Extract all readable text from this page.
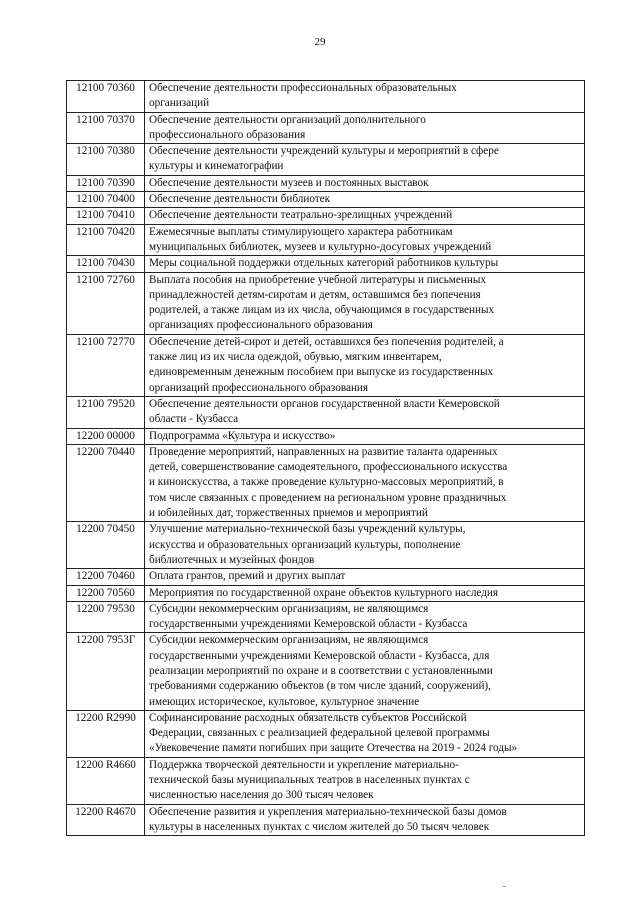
29
12100 70360	Обеспечение деятельности профессиональных образовательных
организаций
12100 70370	Обеспечение деятельности организаций дополнительного
профессионального образования
12100 70380	Обеспечение деятельности учреждений культуры и мероприятий в сфере
культуры и кинематографии
12100 70390	Обеспечение деятельности музеев и постоянных выставок
12100 70400	Обеспечение деятельности библиотек
12100 70410	Обеспечение деятельности театрально-зрелищных учреждений
12100 70420	Ежемесячные выплаты стимулирующего характера работникам
муниципальных библиотек, музеев и культурно-досуговых учреждений
12100 70430	Меры социальной поддержки отдельных категорий работников культуры
12100 72760	Выплата пособия на приобретение учебной литературы и письменных
принадлежностей детям-сиротам и детям, оставшимся без попечения
родителей, а также лицам из их числа, обучающимся в государственных
организациях профессионального образования
12100 72770	Обеспечение детей-сирот и детей, оставшихся без попечения родителей, а
также лиц из их числа одеждой, обувью, мягким инвентарем,
единовременным денежным пособием при выпуске из государственных
организаций профессионального образования
12100 79520	Обеспечение деятельности органов государственной власти Кемеровской
области - Кузбасса
12200 00000	Подпрограмма «Культура и искусство»
12200 70440	Проведение мероприятий, направленных на развитие таланта одаренных
детей, совершенствование самодеятельного, профессионального искусства
и киноискусства, а также проведение культурно-массовых мероприятий, в
том числе связанных с проведением на региональном уровне праздничных
и юбилейных дат, торжественных приемов и мероприятий
12200 70450	Улучшение материально-технической базы учреждений культуры,
искусства и образовательных организаций культуры, пополнение
библиотечных и музейных фондов
12200 70460	Оплата грантов, премий и других выплат
12200 70560	Мероприятия по государственной охране объектов культурного наследия
12200 79530	Субсидии некоммерческим организациям, не являющимся
государственными учреждениями Кемеровской области - Кузбасса
12200 7953Г	Субсидии некоммерческим организациям, не являющимся
государственными учреждениями Кемеровской области - Кузбасса, для
реализации мероприятий по охране и в соответствии с установленными
требованиями содержанию объектов (в том числе зданий, сооружений),
имеющих историческое, культовое, культурное значение
12200 R2990	Софинансирование расходных обязательств субъектов Российской
Федерации, связанных с реализацией федеральной целевой программы
«Увековечение памяти погибших при защите Отечества на 2019 - 2024 годы»
12200 R4660	Поддержка творческой деятельности и укрепление материально-
технической базы муниципальных театров в населенных пунктах с
численностью населения до 300 тысяч человек
12200 R4670	Обеспечение развития и укрепления материально-технической базы домов
культуры в населенных пунктах с числом жителей до 50 тысяч человек
